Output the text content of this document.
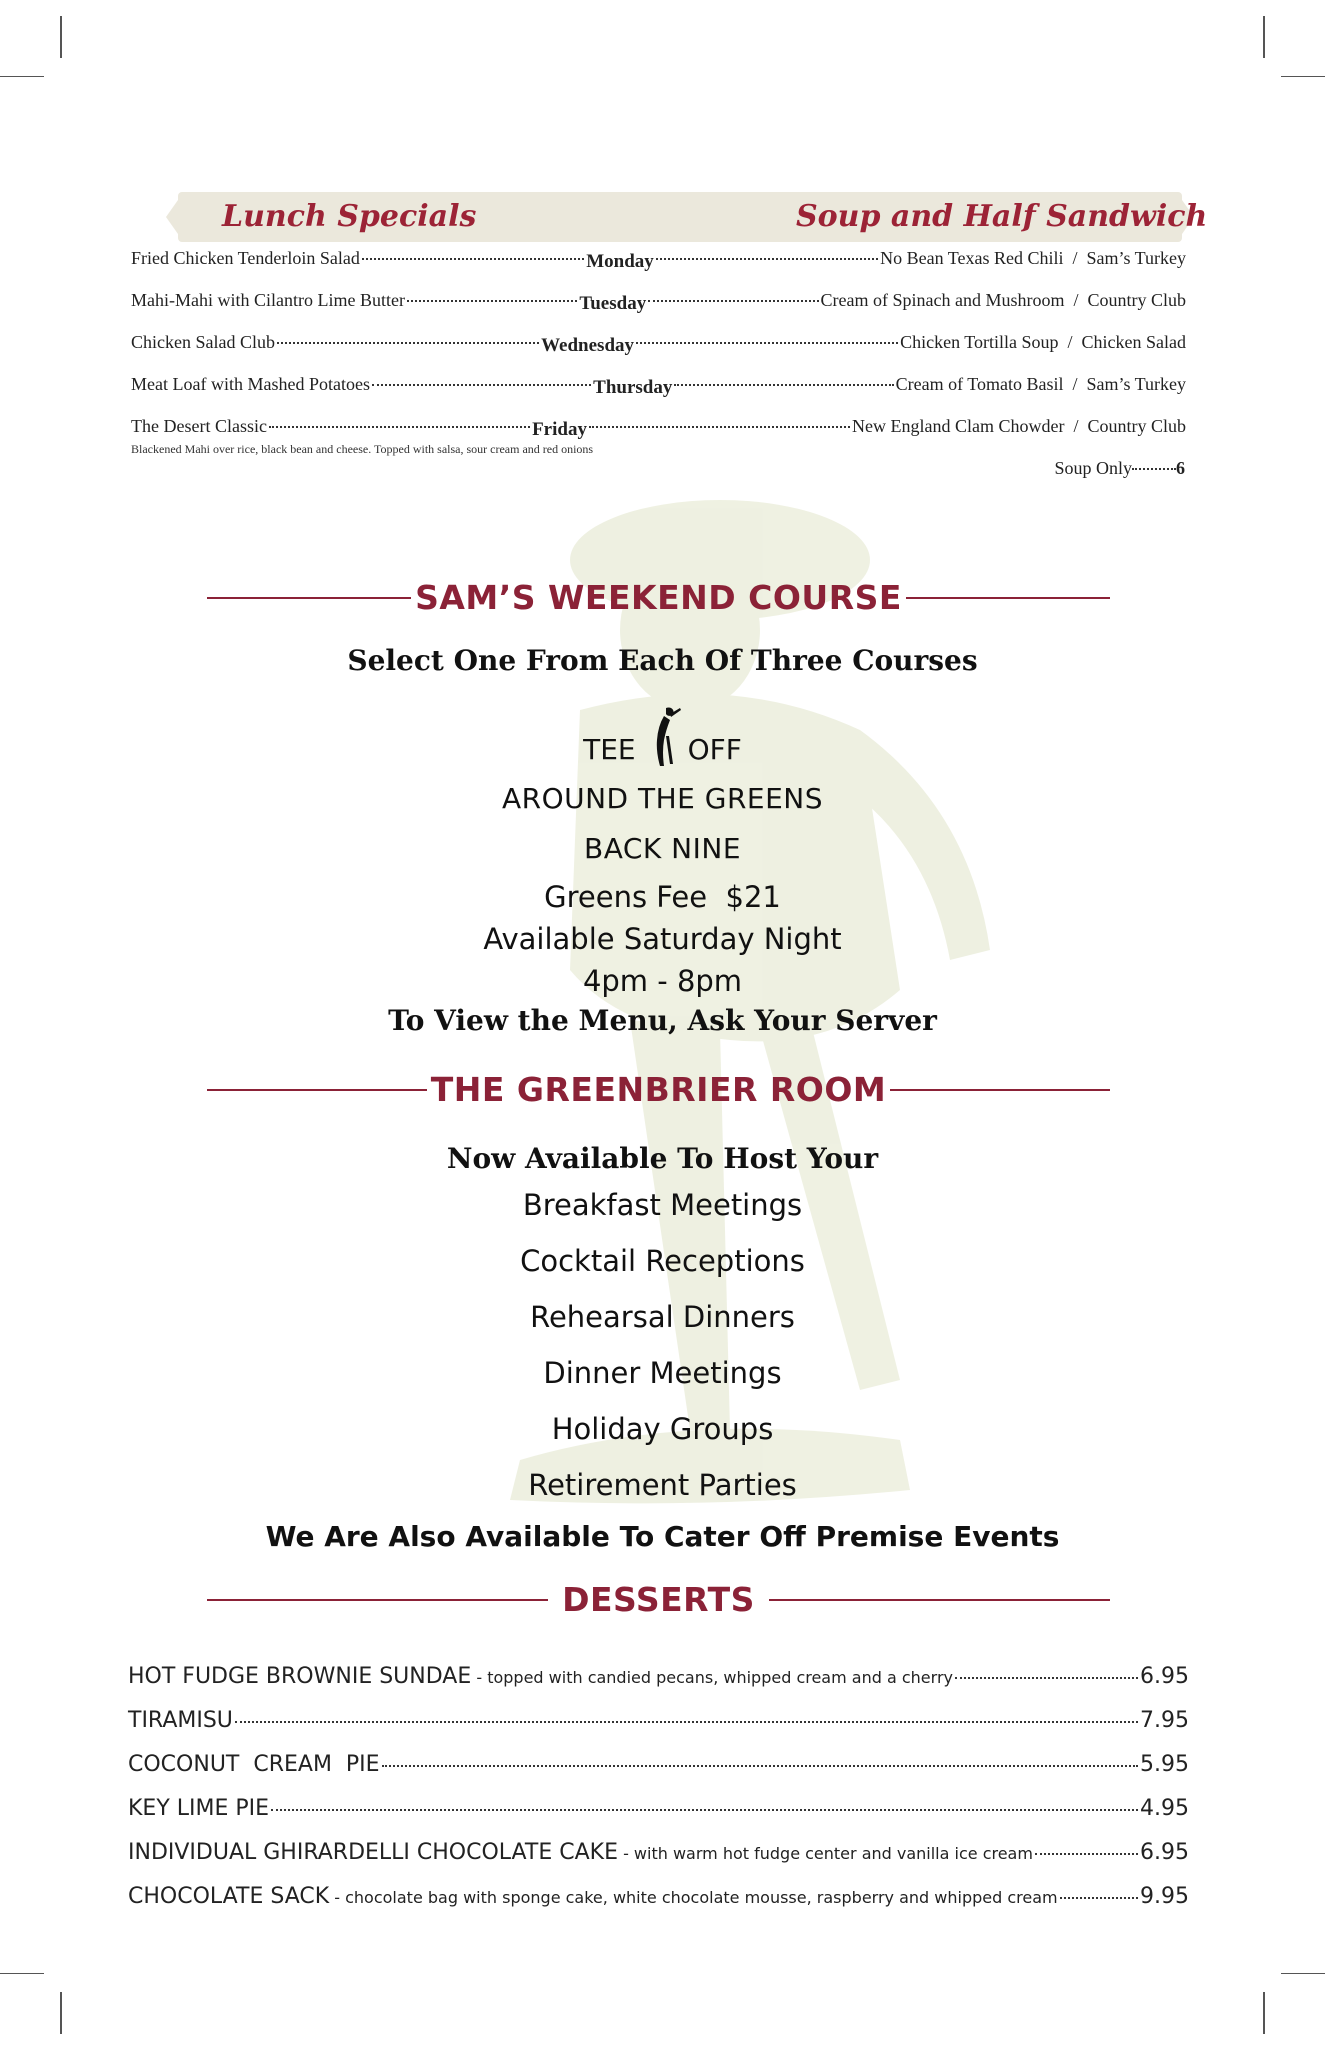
Lunch Specials	Soup and Half Sandwich
Fried Chicken Tenderloin Salad	Monday	No Bean Texas Red Chili  /  Sam’s Turkey
Mahi-Mahi with Cilantro Lime Butter	Tuesday	Cream of Spinach and Mushroom  /  Country Club
Chicken Salad Club	Wednesday	Chicken Tortilla Soup  /  Chicken Salad
Meat Loaf with Mashed Potatoes	Thursday	Cream of Tomato Basil  /  Sam’s Turkey
The Desert Classic	Friday	New England Clam Chowder  /  Country Club
Blackened Mahi over rice, black bean and cheese. Topped with salsa, sour cream and red onions
Soup Only 6
SAM’S WEEKEND COURSE
Select One From Each Of Three Courses
TEE OFF
AROUND THE GREENS
BACK NINE
Greens Fee  $21
Available Saturday Night
4pm - 8pm
To View the Menu, Ask Your Server
THE GREENBRIER ROOM
Now Available To Host Your
Breakfast Meetings
Cocktail Receptions
Rehearsal Dinners
Dinner Meetings
Holiday Groups
Retirement Parties
We Are Also Available To Cater Off Premise Events
DESSERTS
HOT FUDGE BROWNIE SUNDAE - topped with candied pecans, whipped cream and a cherry	6.95
TIRAMISU	7.95
COCONUT  CREAM  PIE	5.95
KEY LIME PIE	4.95
INDIVIDUAL GHIRARDELLI CHOCOLATE CAKE - with warm hot fudge center and vanilla ice cream	6.95
CHOCOLATE SACK - chocolate bag with sponge cake, white chocolate mousse, raspberry and whipped cream	9.95
